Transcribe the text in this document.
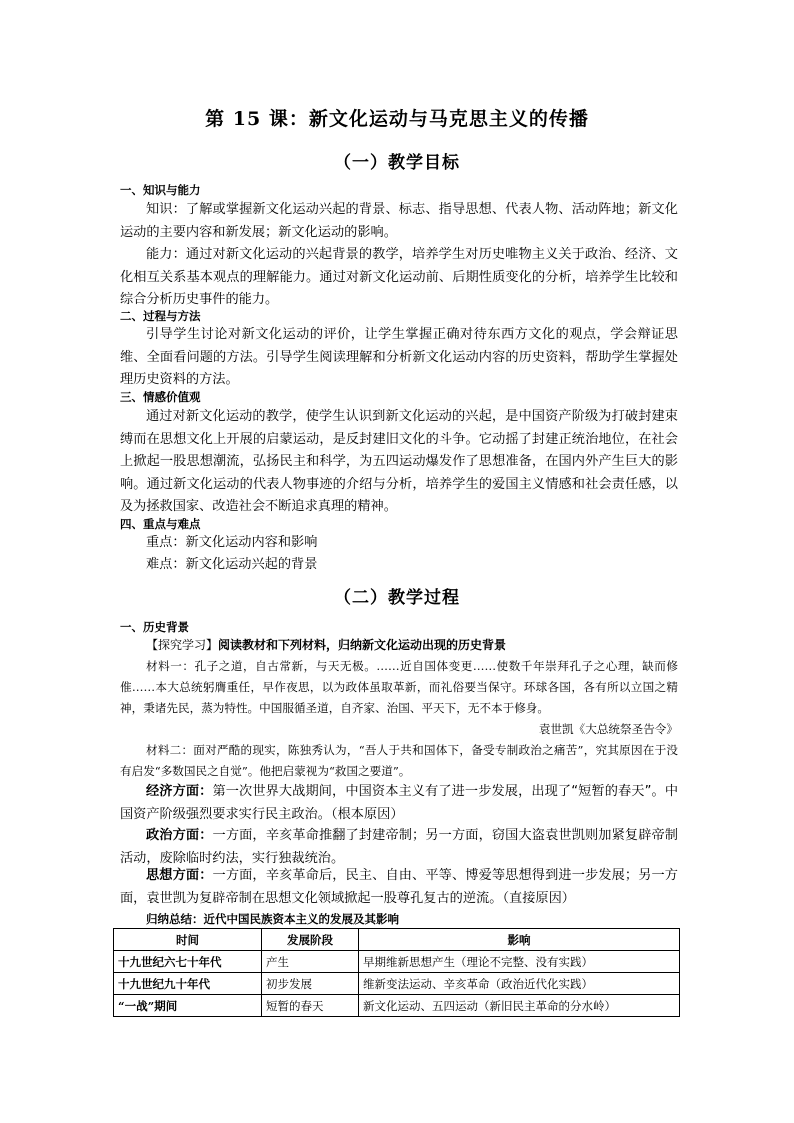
第 15 课：新文化运动与马克思主义的传播
（一）教学目标
一、知识与能力

知识：了解或掌握新文化运动兴起的背景、标志、指导思想、代表人物、活动阵地；新文化运动的主要内容和新发展；新文化运动的影响。

能力：通过对新文化运动的兴起背景的教学，培养学生对历史唯物主义关于政治、经济、文化相互关系基本观点的理解能力。通过对新文化运动前、后期性质变化的分析，培养学生比较和综合分析历史事件的能力。

二、过程与方法

引导学生讨论对新文化运动的评价，让学生掌握正确对待东西方文化的观点，学会辩证思维、全面看问题的方法。引导学生阅读理解和分析新文化运动内容的历史资料，帮助学生掌握处理历史资料的方法。

三、情感价值观

通过对新文化运动的教学，使学生认识到新文化运动的兴起，是中国资产阶级为打破封建束缚而在思想文化上开展的启蒙运动，是反封建旧文化的斗争。它动摇了封建正统治地位，在社会上掀起一股思想潮流，弘扬民主和科学，为五四运动爆发作了思想准备，在国内外产生巨大的影响。通过新文化运动的代表人物事迹的介绍与分析，培养学生的爱国主义情感和社会责任感，以及为拯救国家、改造社会不断追求真理的精神。

四、重点与难点
重点：新文化运动内容和影响
难点：新文化运动兴起的背景
（二）教学过程
一、历史背景
【探究学习】阅读教材和下列材料，归纳新文化运动出现的历史背景

材料一：孔子之道，自古常新，与天无极。……近自国体变更……使数千年崇拜孔子之心理，缺而修倠……本大总统躬膺重任，早作夜思，以为政体虽取革新，而礼俗要当保守。环球各国，各有所以立国之精神，秉诸先民，蒸为特性。中国服循圣道，自齐家、治国、平天下，无不本于修身。
袁世凯《大总统祭圣告令》

材料二：面对严酷的现实，陈独秀认为，“吾人于共和国体下，备受专制政治之痛苦”，究其原因在于没有启发“多数国民之自觉”。他把启蒙视为“救国之要道”。

经济方面：第一次世界大战期间，中国资本主义有了进一步发展，出现了“短暂的春天”。中国资产阶级强烈要求实行民主政治。（根本原因）

政治方面：一方面，辛亥革命推翻了封建帝制；另一方面，窃国大盗袁世凯则加紧复辟帝制活动，废除临时约法，实行独裁统治。

思想方面：一方面，辛亥革命后，民主、自由、平等、博爱等思想得到进一步发展；另一方面，袁世凯为复辟帝制在思想文化领域掀起一股尊孔复古的逆流。（直接原因）

归纳总结：近代中国民族资本主义的发展及其影响
时间	发展阶段	影响
十九世纪六七十年代	产生	早期维新思想产生（理论不完整、没有实践）
十九世纪九十年代	初步发展	维新变法运动、辛亥革命（政治近代化实践）
“一战”期间	短暂的春天	新文化运动、五四运动（新旧民主革命的分水岭）
